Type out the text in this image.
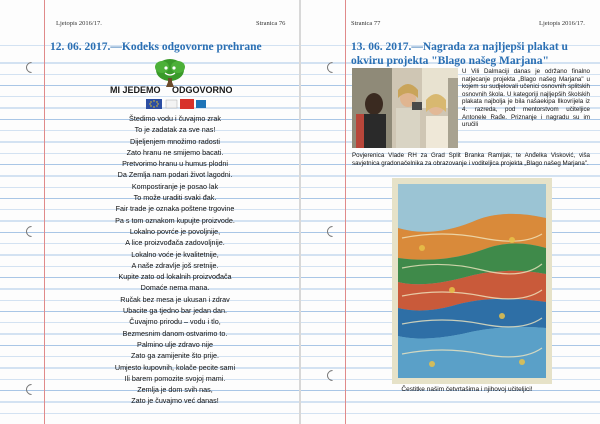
Ljetopis 2016/17.	Stranica 76
12. 06. 2017.—Kodeks odgovorne prehrane
MI JEDEMO ODGOVORNO!
Štedimo vodu i čuvajmo zrak
To je zadatak za sve nas!
Dijeljenjem množimo radosti
Zato hranu ne smijemo bacati.
Pretvorimo hranu u humus plodni
Da Zemlja nam podari život lagodni.
Kompostiranje je posao lak
To može uraditi svaki đak.
Fair trade je oznaka poštene trgovine
Pa s tom oznakom kupujte proizvode.
Lokalno povrće je povoljnije,
A lice proizvođača zadovoljnije.
Lokalno voće je kvalitetnije,
A naše zdravlje još sretnije.
Kupite zato od lokalnih proizvođača
Domaće nema mana.
Ručak bez mesa je ukusan i zdrav
Ubacite ga tjedno bar jedan dan.
Čuvajmo prirodu – vodu i tlo,
Bezmesnim danom ostvarimo to.
Palmino ulje zdravo nije
Zato ga zamijenite što prije.
Umjesto kupovnih, kolače pecite sami
Ili barem pomozite svojoj mami.
Zemlja je dom svih nas,
Zato je čuvajmo već danas!
Stranica 77	Ljetopis 2016/17.
13. 06. 2017.—Nagrada za najljepši plakat u okviru projekta "Blago našeg Marjana"
U Vili Dalmaciji danas je održano finalno natjecanje projekta „Blago našeg Marjana" u kojem su sudjelovali učenici osnovnih splitskih osnovnih škola. U kategoriji najljepših školskih plakata najbolja je bila našaekipa Ilkovrijela iz 4. razreda, pod mentorstvom učiteljice Antonele Rađe. Priznanje i nagradu su im uručili
Povjerenica Vlade RH za Grad Split Branka Ramljak, te Anđelka Visković, viša savjetnica gradonačelnika za obrazovanje i voditeljica projekta „Blago našeg Marjana".
Čestitke našim četvrtašima i njihovoj učiteljici!
